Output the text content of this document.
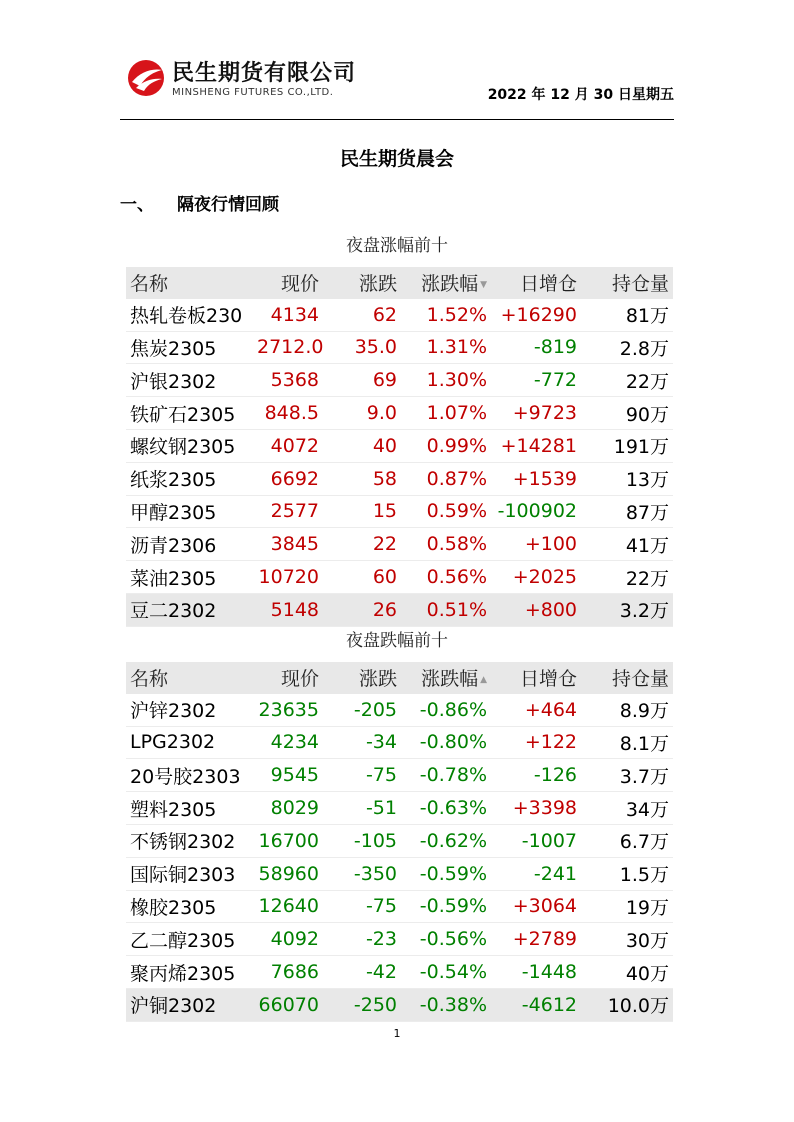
民生期货有限公司
MINSHENG FUTURES CO.,LTD.	2022 年 12 月 30 日星期五
民生期货晨会
一、 隔夜行情回顾
夜盘涨幅前十
名称	现价	涨跌	涨跌幅 ▼	日增仓	持仓量
热轧卷板230	4134	62	1.52%	+16290	81万
焦炭2305	2712.0	35.0	1.31%	-819	2.8万
沪银2302	5368	69	1.30%	-772	22万
铁矿石2305	848.5	9.0	1.07%	+9723	90万
螺纹钢2305	4072	40	0.99%	+14281	191万
纸浆2305	6692	58	0.87%	+1539	13万
甲醇2305	2577	15	0.59%	-100902	87万
沥青2306	3845	22	0.58%	+100	41万
菜油2305	10720	60	0.56%	+2025	22万
豆二2302	5148	26	0.51%	+800	3.2万
夜盘跌幅前十
名称	现价	涨跌	涨跌幅 ▲	日增仓	持仓量
沪锌2302	23635	-205	-0.86%	+464	8.9万
LPG2302	4234	-34	-0.80%	+122	8.1万
20号胶2303	9545	-75	-0.78%	-126	3.7万
塑料2305	8029	-51	-0.63%	+3398	34万
不锈钢2302	16700	-105	-0.62%	-1007	6.7万
国际铜2303	58960	-350	-0.59%	-241	1.5万
橡胶2305	12640	-75	-0.59%	+3064	19万
乙二醇2305	4092	-23	-0.56%	+2789	30万
聚丙烯2305	7686	-42	-0.54%	-1448	40万
沪铜2302	66070	-250	-0.38%	-4612	10.0万
1
